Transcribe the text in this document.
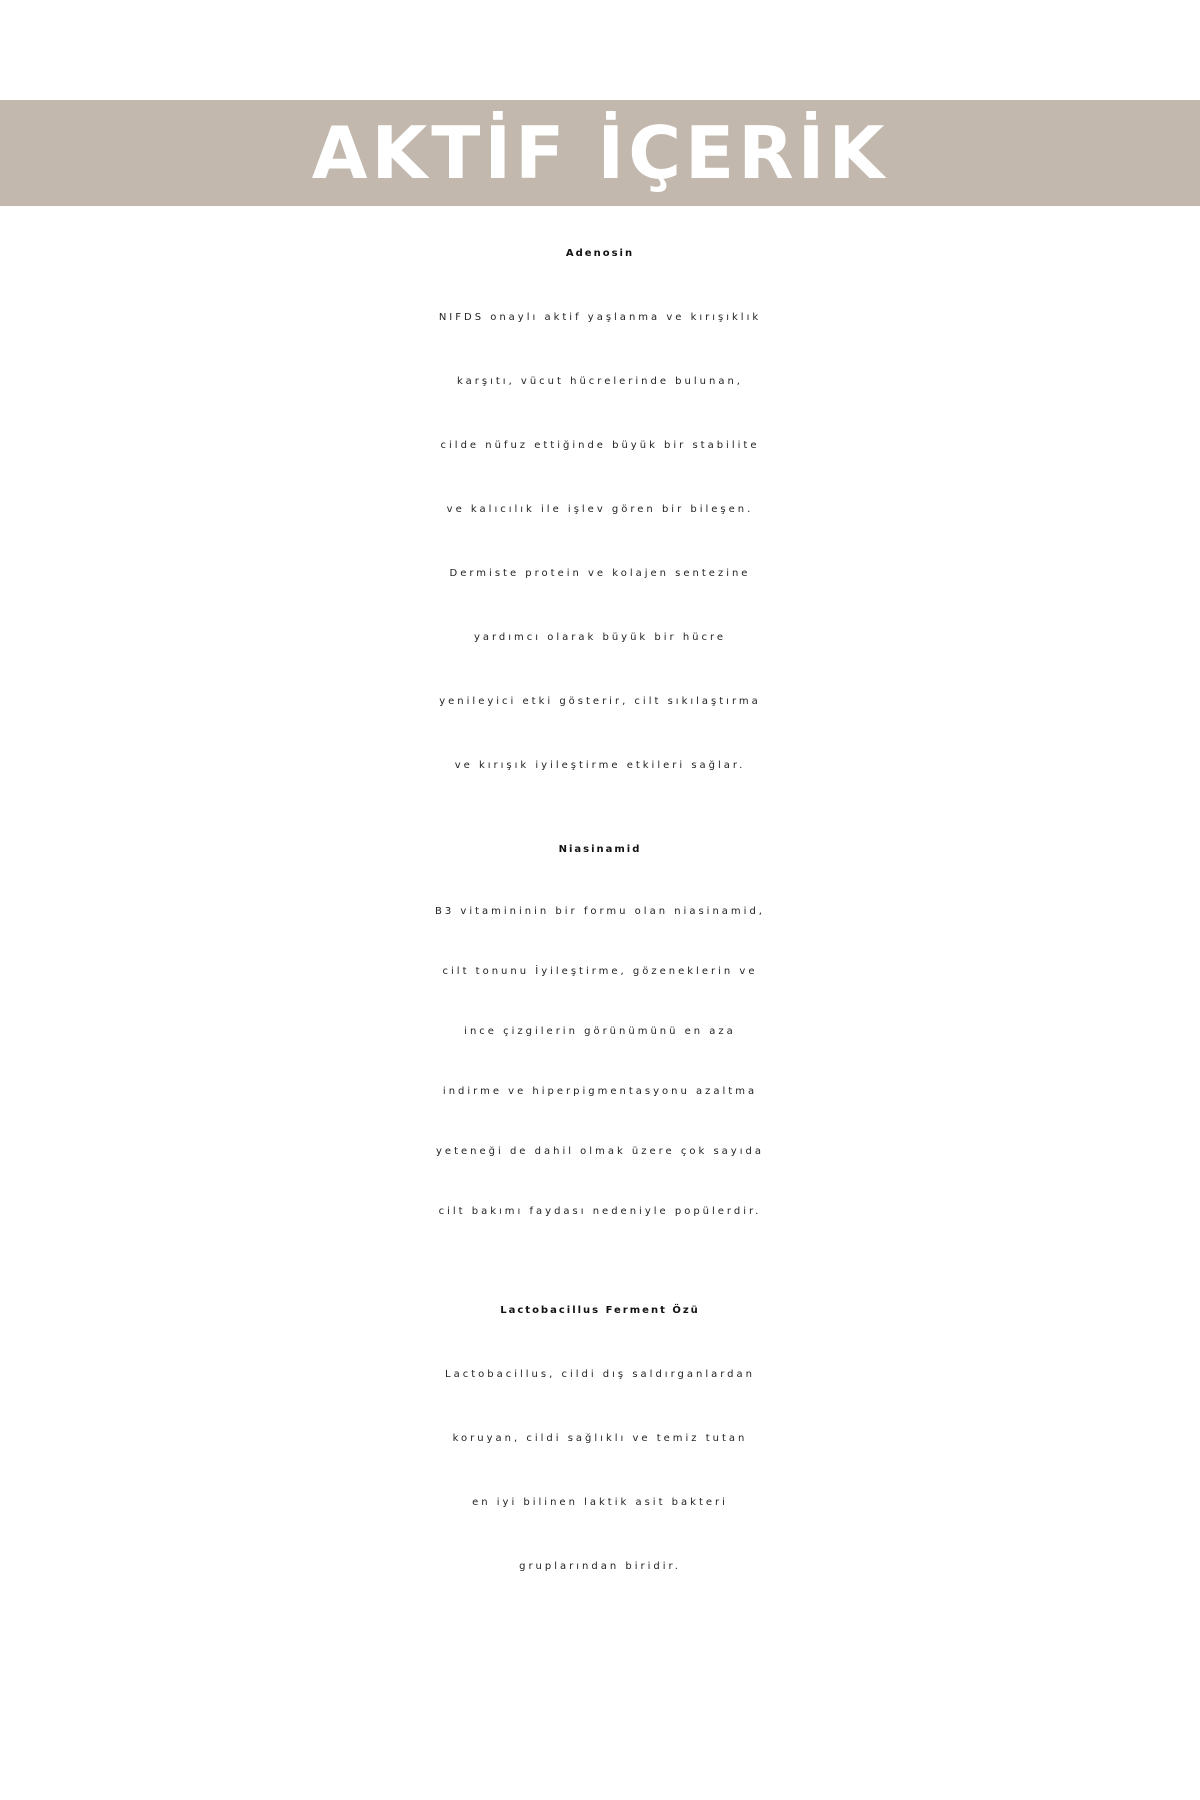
AKTİF İÇERİK
Adenosin
NIFDS onaylı aktif yaşlanma ve kırışıklık
karşıtı, vücut hücrelerinde bulunan,
cilde nüfuz ettiğinde büyük bir stabilite
ve kalıcılık ile işlev gören bir bileşen.
Dermiste protein ve kolajen sentezine
yardımcı olarak büyük bir hücre
yenileyici etki gösterir, cilt sıkılaştırma
ve kırışık iyileştirme etkileri sağlar.
Niasinamid
B3 vitamininin bir formu olan niasinamid,
cilt tonunu İyileştirme, gözeneklerin ve
ince çizgilerin görünümünü en aza
indirme ve hiperpigmentasyonu azaltma
yeteneği de dahil olmak üzere çok sayıda
cilt bakımı faydası nedeniyle popülerdir.
Lactobacillus Ferment Özü
Lactobacillus, cildi dış saldırganlardan
koruyan, cildi sağlıklı ve temiz tutan
en iyi bilinen laktik asit bakteri
gruplarından biridir.
